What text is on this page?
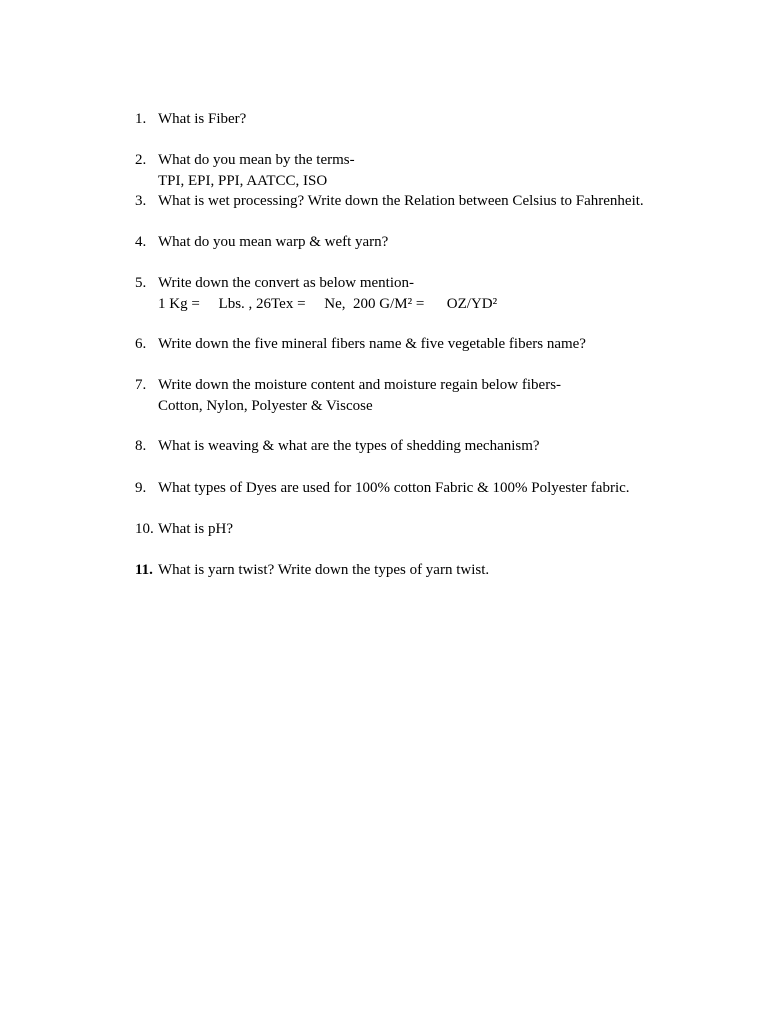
1. What is Fiber?
2. What do you mean by the terms-
TPI, EPI, PPI, AATCC, ISO
3. What is wet processing? Write down the Relation between Celsius to Fahrenheit.
4. What do you mean warp & weft yarn?
5. Write down the convert as below mention-
1 Kg =     Lbs. , 26Tex =     Ne,  200 G/M² =      OZ/YD²
6. Write down the five mineral fibers name & five vegetable fibers name?
7. Write down the moisture content and moisture regain below fibers-
Cotton, Nylon, Polyester & Viscose
8. What is weaving & what are the types of shedding mechanism?
9. What types of Dyes are used for 100% cotton Fabric & 100% Polyester fabric.
10. What is pH?
11. What is yarn twist? Write down the types of yarn twist.
